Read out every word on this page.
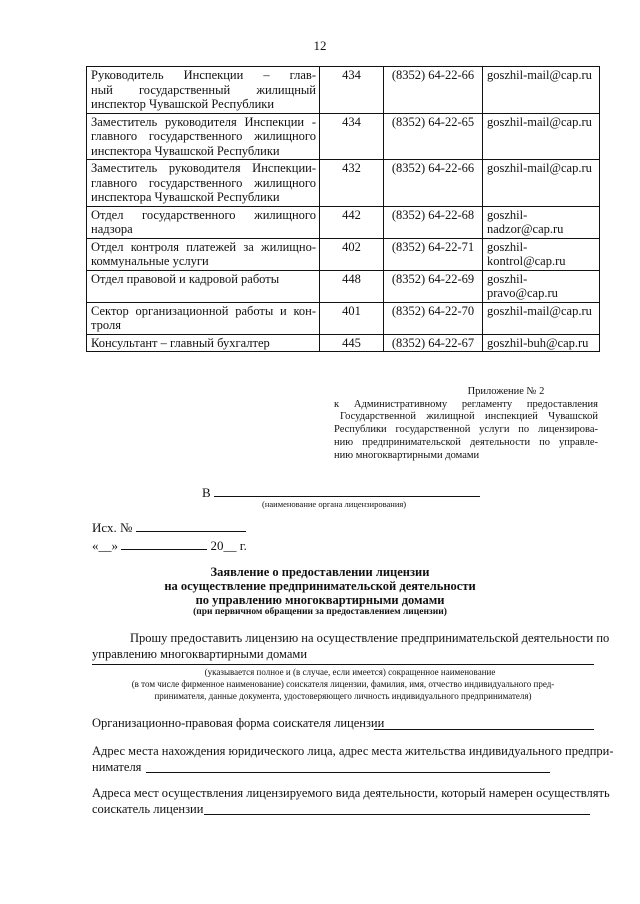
12
Руководитель Инспекции – глав-
ный государственный жилищный
инспектор Чувашской Республики	434	(8352) 64-22-66	goszhil-mail@cap.ru

Заместитель руководителя Инспекции -
главного государственного жилищного
инспектора Чувашской Республики	434	(8352) 64-22-65	goszhil-mail@cap.ru

Заместитель руководителя Инспекции-
главного государственного жилищного
инспектора Чувашской Республики	432	(8352) 64-22-66	goszhil-mail@cap.ru

Отдел государственного жилищного
надзора	442	(8352) 64-22-68	goszhil-
nadzor@cap.ru

Отдел контроля платежей за жилищно-
коммунальные услуги	402	(8352) 64-22-71	goszhil-
kontrol@cap.ru

Отдел правовой и кадровой работы	448	(8352) 64-22-69	goszhil-
pravo@cap.ru

Сектор организационной работы и кон-
троля	401	(8352) 64-22-70	goszhil-mail@cap.ru

Консультант – главный бухгалтер	445	(8352) 64-22-67	goszhil-buh@cap.ru
Приложение № 2
к Административному регламенту предоставления
Государственной жилищной инспекцией Чувашской
Республики государственной услуги по лицензирова-
нию предпринимательской деятельности по управле-
нию многоквартирными домами
В
(наименование органа лицензирования)
Исх. №
«__»	20__ г.
Заявление о предоставлении лицензии
на осуществление предпринимательской деятельности
по управлению многоквартирными домами
(при первичном обращении за предоставлением лицензии)
Прошу предоставить лицензию на осуществление предпринимательской деятельности по
управлению многоквартирными домами
(указывается полное и (в случае, если имеется) сокращенное наименование
(в том числе фирменное наименование) соискателя лицензии, фамилия, имя, отчество индивидуального пред-
принимателя, данные документа, удостоверяющего личность индивидуального предпринимателя)
Организационно-правовая форма соискателя лицензии
Адрес места нахождения юридического лица, адрес места жительства индивидуального предпри-
нимателя
Адреса мест осуществления лицензируемого вида деятельности, который намерен осуществлять
соискатель лицензии
